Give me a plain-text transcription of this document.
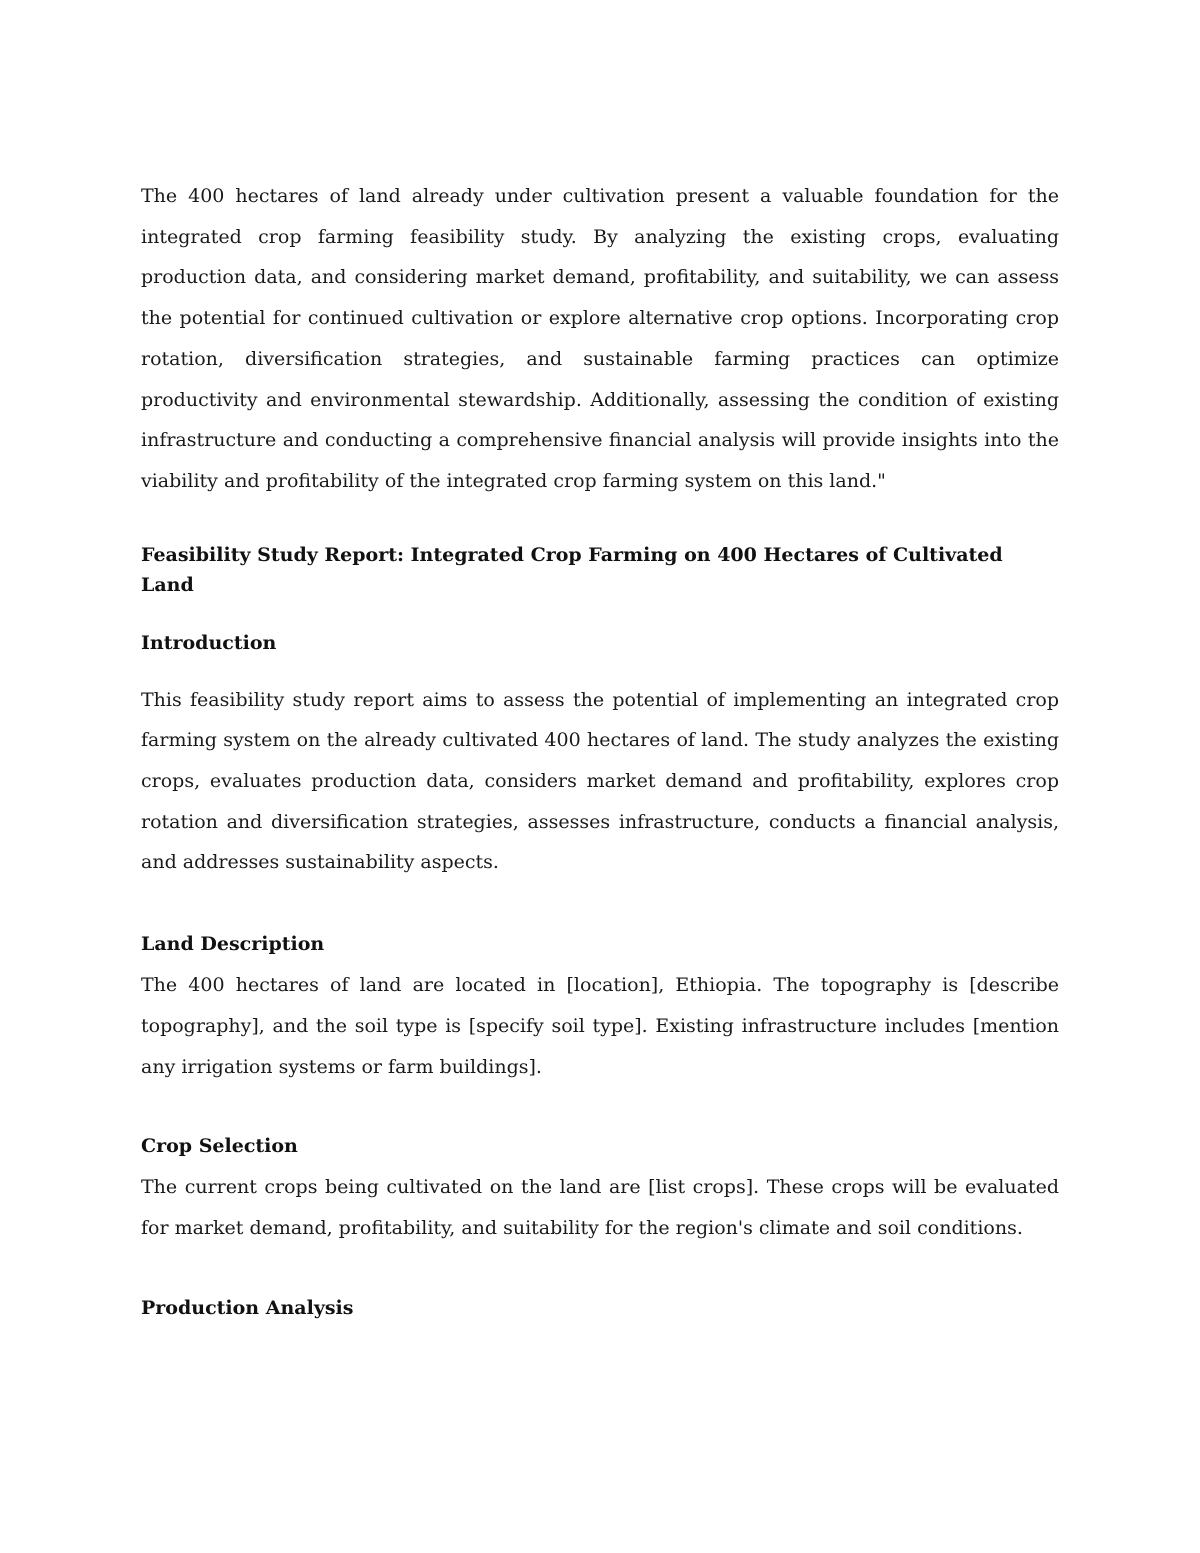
The 400 hectares of land already under cultivation present a valuable foundation for the integrated crop farming feasibility study. By analyzing the existing crops, evaluating production data, and considering market demand, profitability, and suitability, we can assess the potential for continued cultivation or explore alternative crop options. Incorporating crop rotation, diversification strategies, and sustainable farming practices can optimize productivity and environmental stewardship. Additionally, assessing the condition of existing infrastructure and conducting a comprehensive financial analysis will provide insights into the viability and profitability of the integrated crop farming system on this land."

Feasibility Study Report: Integrated Crop Farming on 400 Hectares of Cultivated Land
Introduction

This feasibility study report aims to assess the potential of implementing an integrated crop farming system on the already cultivated 400 hectares of land. The study analyzes the existing crops, evaluates production data, considers market demand and profitability, explores crop rotation and diversification strategies, assesses infrastructure, conducts a financial analysis, and addresses sustainability aspects.

Land Description

The 400 hectares of land are located in [location], Ethiopia. The topography is [describe topography], and the soil type is [specify soil type]. Existing infrastructure includes [mention any irrigation systems or farm buildings].

Crop Selection

The current crops being cultivated on the land are [list crops]. These crops will be evaluated for market demand, profitability, and suitability for the region's climate and soil conditions.

Production Analysis
